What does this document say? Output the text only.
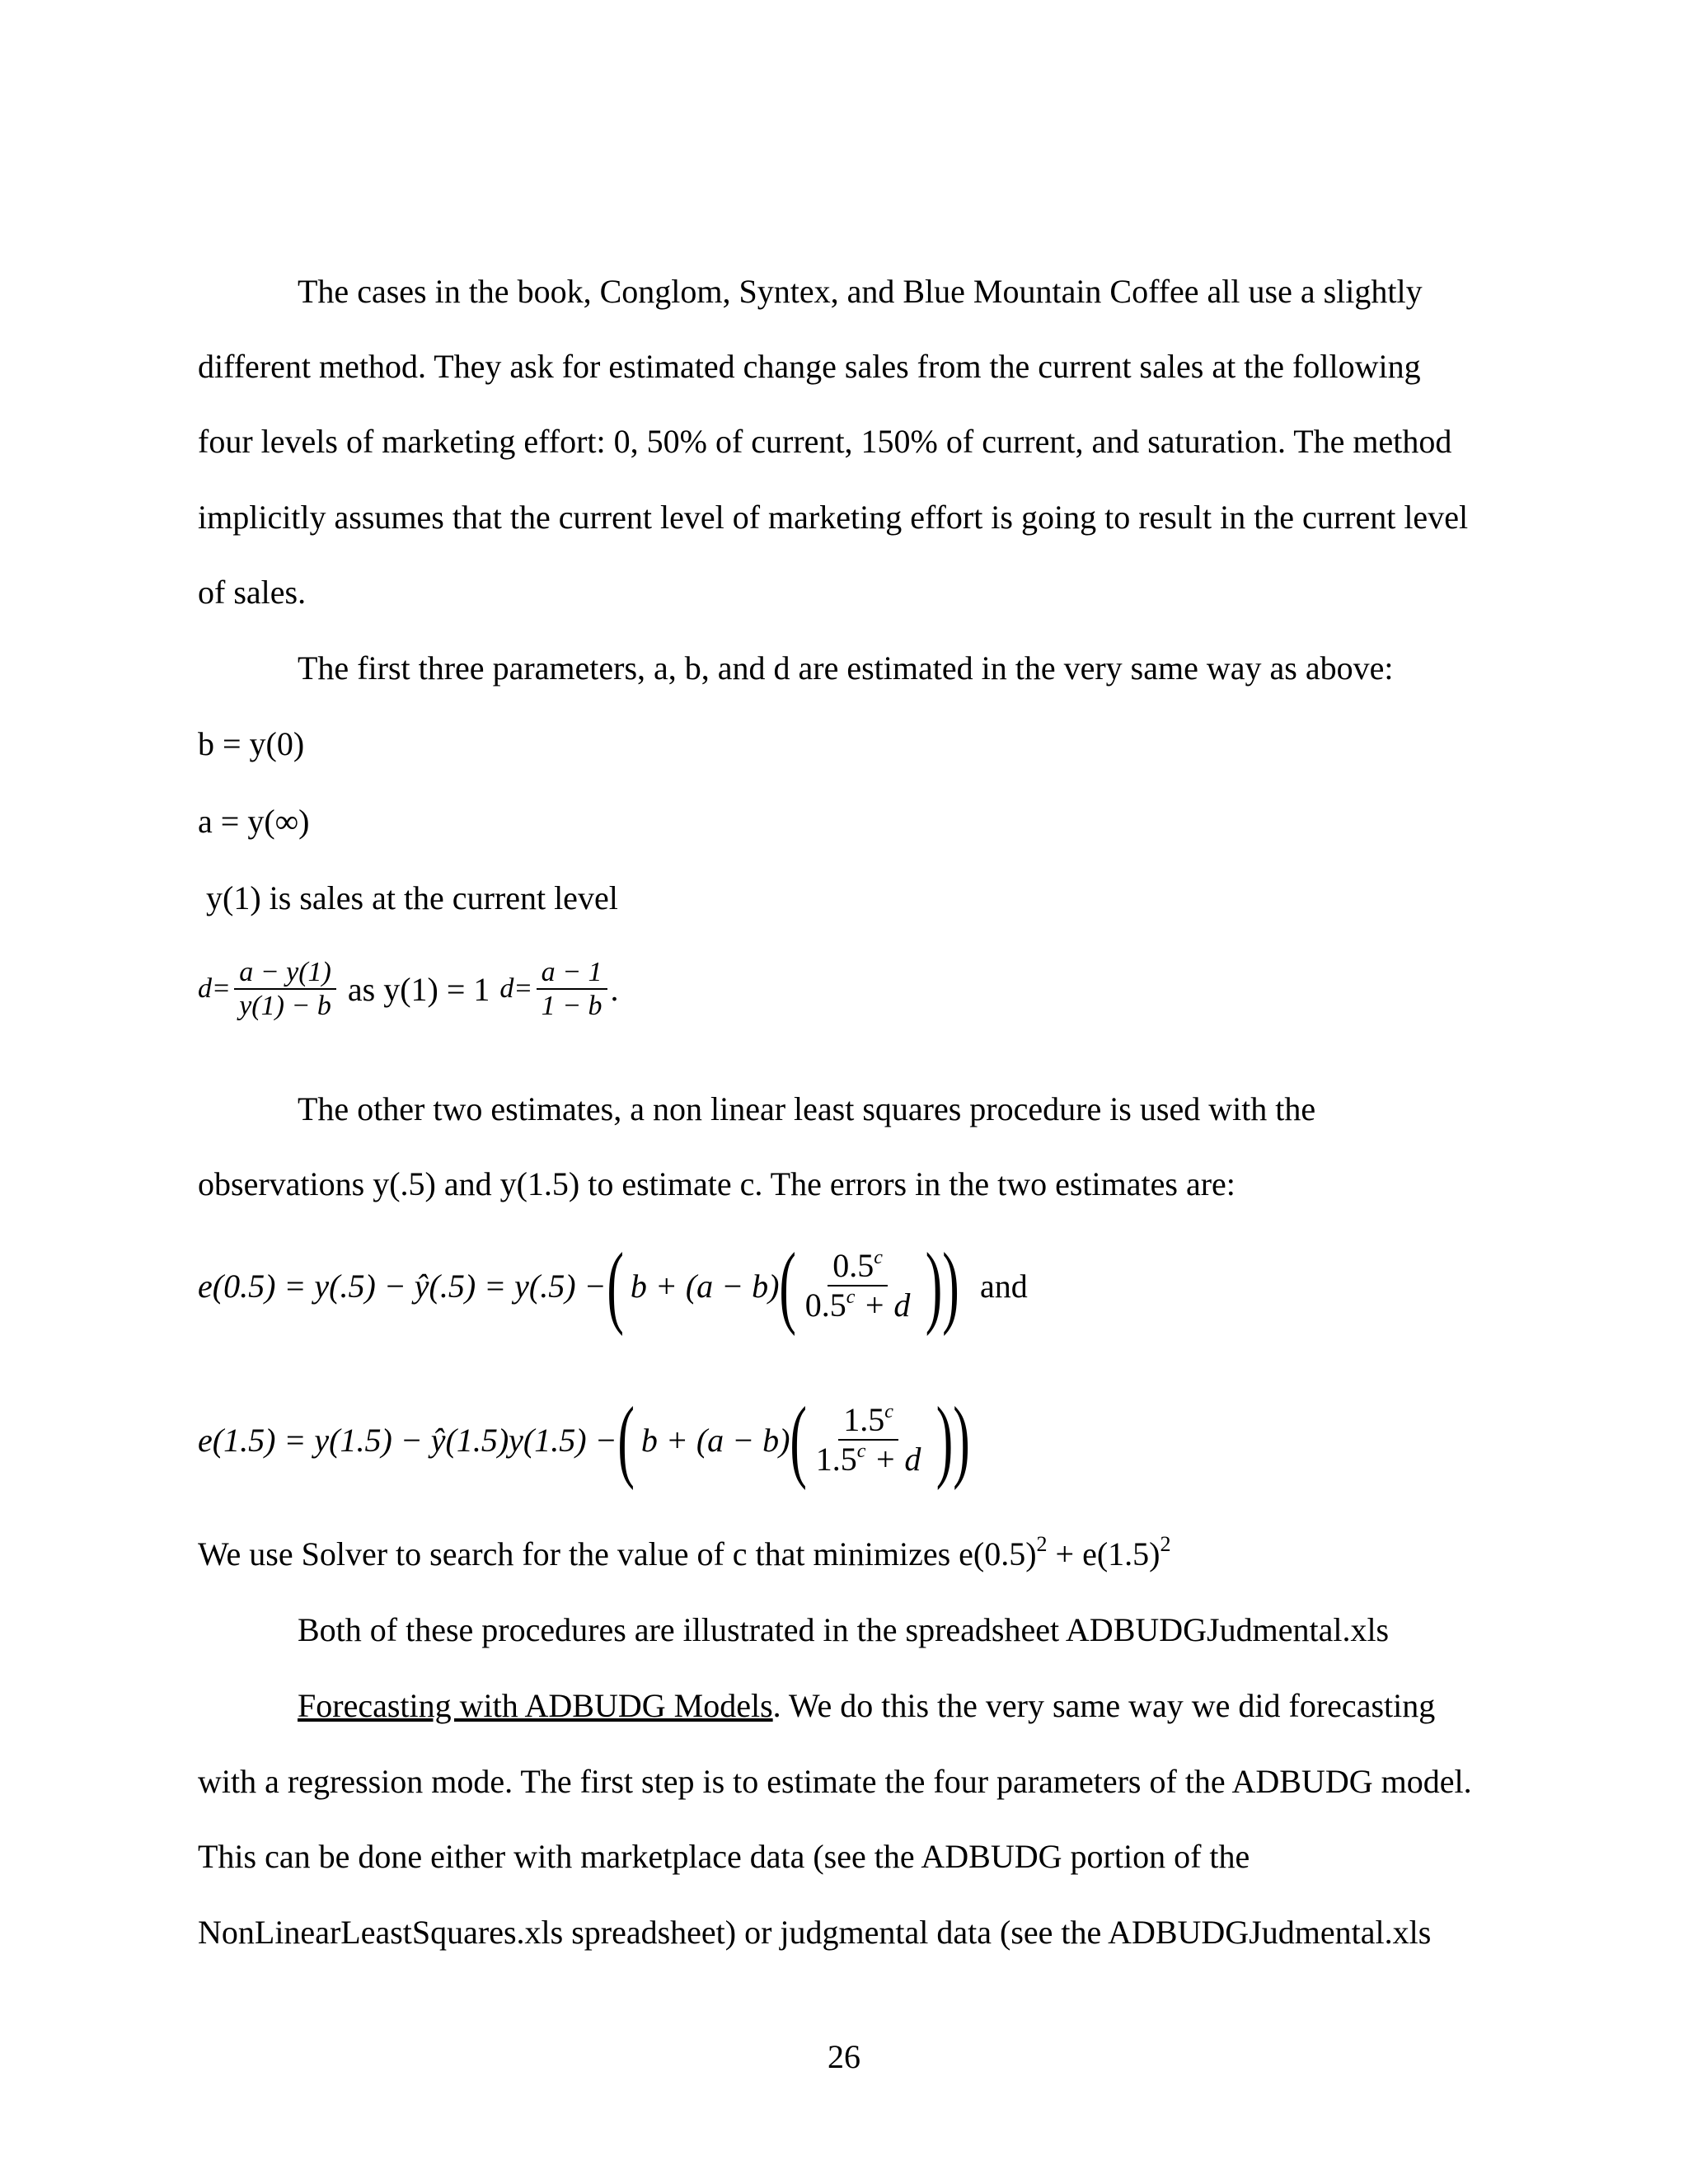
The cases in the book, Conglom, Syntex, and Blue Mountain Coffee all use a slightly
different method. They ask for estimated change sales from the current sales at the following
four levels of marketing effort: 0, 50% of current, 150% of current, and saturation. The method
implicitly assumes that the current level of marketing effort is going to result in the current level
of sales.
The first three parameters, a, b, and d are estimated in the very same way as above:
b = y(0)
a = y(∞)
y(1) is sales at the current level
$d = \frac{a - y(1)}{y(1) - b}$ as y(1) = 1 $d = \frac{a - 1}{1 - b}$ .
The other two estimates, a non linear least squares procedure is used with the
observations y(.5) and y(1.5) to estimate c. The errors in the two estimates are:
e(0.5) = y(.5) − ŷ(.5) = y(.5) − ( b + (a − b) ( $\frac{0.5^c}{0.5^c + d}$ )) and
e(1.5) = y(1.5) − ŷ(1.5)y(1.5) − ( b + (a − b) ( $\frac{1.5^c}{1.5^c + d}$ ))
We use Solver to search for the value of c that minimizes $e(0.5)^2 + e(1.5)^2$
Both of these procedures are illustrated in the spreadsheet ADBUDGJudmental.xls
Forecasting with ADBUDG Models. We do this the very same way we did forecasting
with a regression mode. The first step is to estimate the four parameters of the ADBUDG model.
This can be done either with marketplace data (see the ADBUDG portion of the
NonLinearLeastSquares.xls spreadsheet) or judgmental data (see the ADBUDGJudmental.xls
26
